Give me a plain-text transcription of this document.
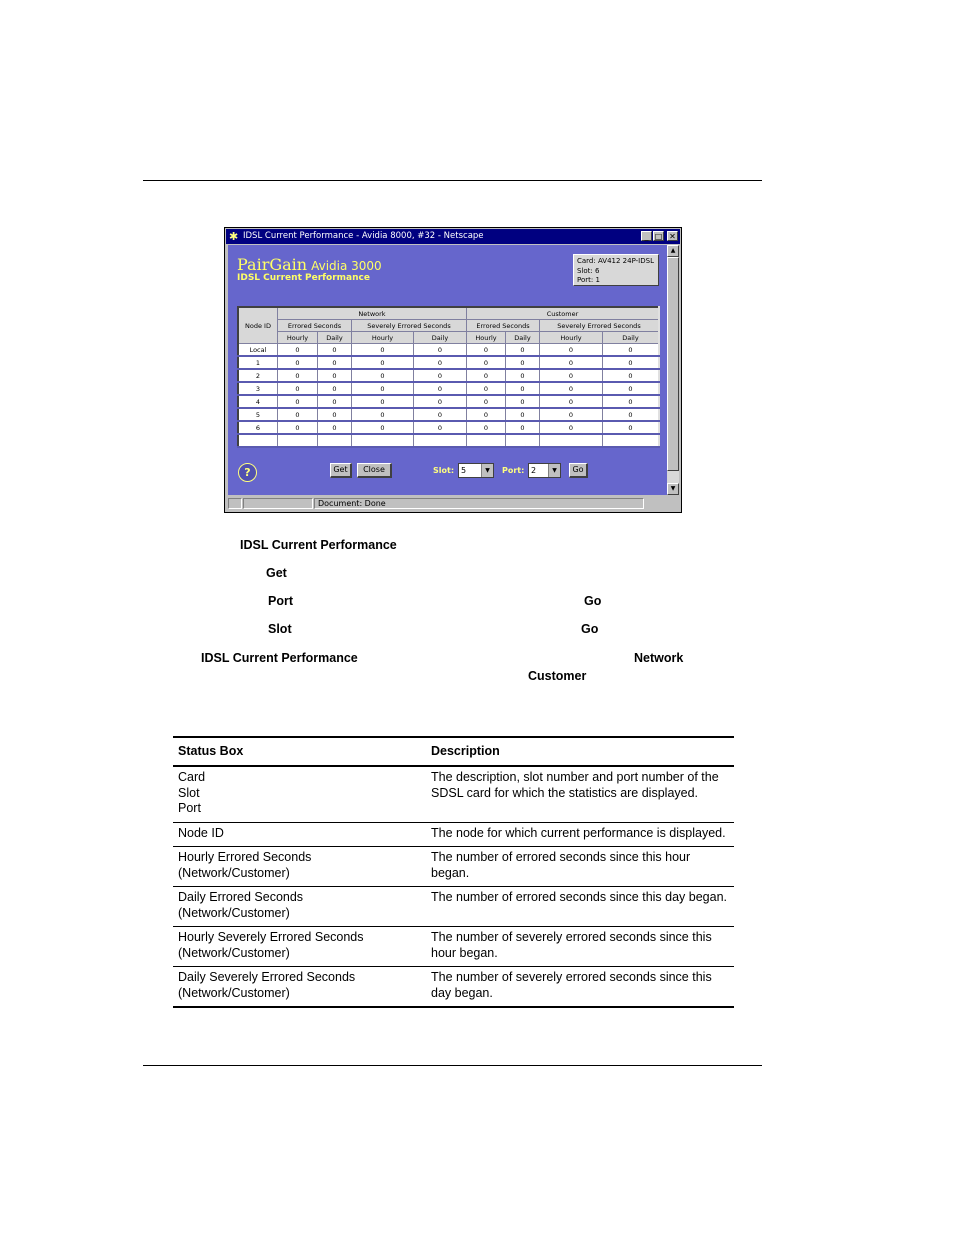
✱ IDSL Current Performance - Avidia 8000, #32 - Netscape	_ □ ✕
PairGain Avidia 3000
IDSL Current Performance
Card: AV412 24P-IDSL
Slot: 6
Port: 1
Node ID	Network				Customer			
	Errored Seconds		Severely Errored Seconds		Errored Seconds		Severely Errored Seconds	
	Hourly	Daily	Hourly	Daily	Hourly	Daily	Hourly	Daily
Local	0	0	0	0	0	0	0	0
1	0	0	0	0	0	0	0	0
2	0	0	0	0	0	0	0	0
3	0	0	0	0	0	0	0	0
4	0	0	0	0	0	0	0	0
5	0	0	0	0	0	0	0	0
6	0	0	0	0	0	0	0	0

?	Get	Close	Slot: 5	▼	Port: 2	▼	Go
▲
▼
Document: Done
IDSL Current Performance
Get
Port	Go
Slot	Go
IDSL Current Performance	Network
Customer
Status Box	Description
Card
Slot
Port	The description, slot number and port number of the SDSL card for which the statistics are displayed.
Node ID	The node for which current performance is displayed.
Hourly Errored Seconds
(Network/Customer)	The number of errored seconds since this hour began.
Daily Errored Seconds
(Network/Customer)	The number of errored seconds since this day began.
Hourly Severely Errored Seconds
(Network/Customer)	The number of severely errored seconds since this hour began.
Daily Severely Errored Seconds
(Network/Customer)	The number of severely errored seconds since this day began.
